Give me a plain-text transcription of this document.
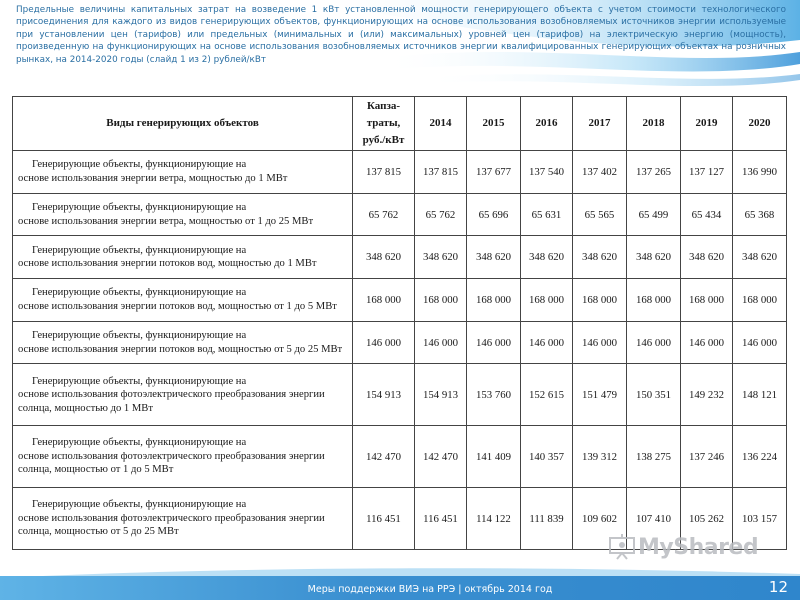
Предельные величины капитальных затрат на возведение 1 кВт установленной мощности генерирующего объекта с учетом стоимости технологического присоединения для каждого из видов генерирующих объектов, функционирующих на основе использования возобновляемых источников энергии используемые при установлении цен (тарифов) или предельных (минимальных и (или) максимальных) уровней цен (тарифов) на электрическую энергию (мощность), произведенную на функционирующих на основе использования возобновляемых источников энергии квалифицированных генерирующих объектах на розничных рынках, на 2014-2020 годы (слайд 1 из 2) рублей/кВт
Виды генерирующих объектов	Капза-
траты,
руб./кВт	2014	2015	2016	2017	2018	2019	2020

Генерирующие объекты, функционирующие на
основе использования энергии ветра, мощностью до 1 МВт	137 815	137 815	137 677	137 540	137 402	137 265	137 127	136 990

Генерирующие объекты, функционирующие на
основе использования энергии ветра, мощностью от 1 до 25 МВт	65 762	65 762	65 696	65 631	65 565	65 499	65 434	65 368

Генерирующие объекты, функционирующие на
основе использования энергии потоков вод, мощностью до 1 МВт	348 620	348 620	348 620	348 620	348 620	348 620	348 620	348 620

Генерирующие объекты, функционирующие на
основе использования энергии потоков вод, мощностью от 1 до 5 МВт	168 000	168 000	168 000	168 000	168 000	168 000	168 000	168 000

Генерирующие объекты, функционирующие на
основе использования энергии потоков вод, мощностью от 5 до 25 МВт	146 000	146 000	146 000	146 000	146 000	146 000	146 000	146 000

Генерирующие объекты, функционирующие на
основе использования фотоэлектрического преобразования энергии солнца, мощностью до 1 МВт	154 913	154 913	153 760	152 615	151 479	150 351	149 232	148 121

Генерирующие объекты, функционирующие на
основе использования фотоэлектрического преобразования энергии солнца, мощностью от 1 до 5 МВт	142 470	142 470	141 409	140 357	139 312	138 275	137 246	136 224

Генерирующие объекты, функционирующие на
основе использования фотоэлектрического преобразования энергии солнца, мощностью от 5 до 25 МВт	116 451	116 451	114 122	111 839	109 602	107 410	105 262	103 157
MyShared
Меры поддержки ВИЭ на РРЭ | октябрь 2014 год	12
